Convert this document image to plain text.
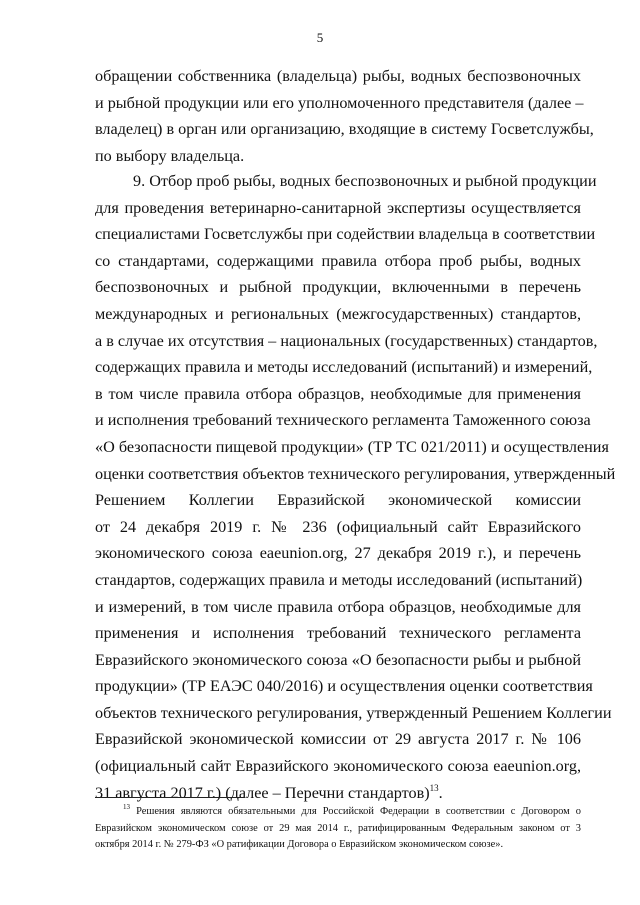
5
обращении собственника (владельца) рыбы, водных беспозвоночных
и рыбной продукции или его уполномоченного представителя (далее –
владелец) в орган или организацию, входящие в систему Госветслужбы,
по выбору владельца.
9. Отбор проб рыбы, водных беспозвоночных и рыбной продукции
для проведения ветеринарно-санитарной экспертизы осуществляется
специалистами Госветслужбы при содействии владельца в соответствии
со стандартами, содержащими правила отбора проб рыбы, водных
беспозвоночных и рыбной продукции, включенными в перечень
международных и региональных (межгосударственных) стандартов,
а в случае их отсутствия – национальных (государственных) стандартов,
содержащих правила и методы исследований (испытаний) и измерений,
в том числе правила отбора образцов, необходимые для применения
и исполнения требований технического регламента Таможенного союза
«О безопасности пищевой продукции» (ТР ТС 021/2011) и осуществления
оценки соответствия объектов технического регулирования, утвержденный
Решением Коллегии Евразийской экономической комиссии
от 24 декабря 2019 г. № 236 (официальный сайт Евразийского
экономического союза eaeunion.org, 27 декабря 2019 г.), и перечень
стандартов, содержащих правила и методы исследований (испытаний)
и измерений, в том числе правила отбора образцов, необходимые для
применения и исполнения требований технического регламента
Евразийского экономического союза «О безопасности рыбы и рыбной
продукции» (ТР ЕАЭС 040/2016) и осуществления оценки соответствия
объектов технического регулирования, утвержденный Решением Коллегии
Евразийской экономической комиссии от 29 августа 2017 г. № 106
(официальный сайт Евразийского экономического союза eaeunion.org,
31 августа 2017 г.) (далее – Перечни стандартов)$^{13}$.
$^{13}$ Решения являются обязательными для Российской Федерации в соответствии с Договором о
Евразийском экономическом союзе от 29 мая 2014 г., ратифицированным Федеральным законом от 3
октября 2014 г. № 279-ФЗ «О ратификации Договора о Евразийском экономическом союзе».
